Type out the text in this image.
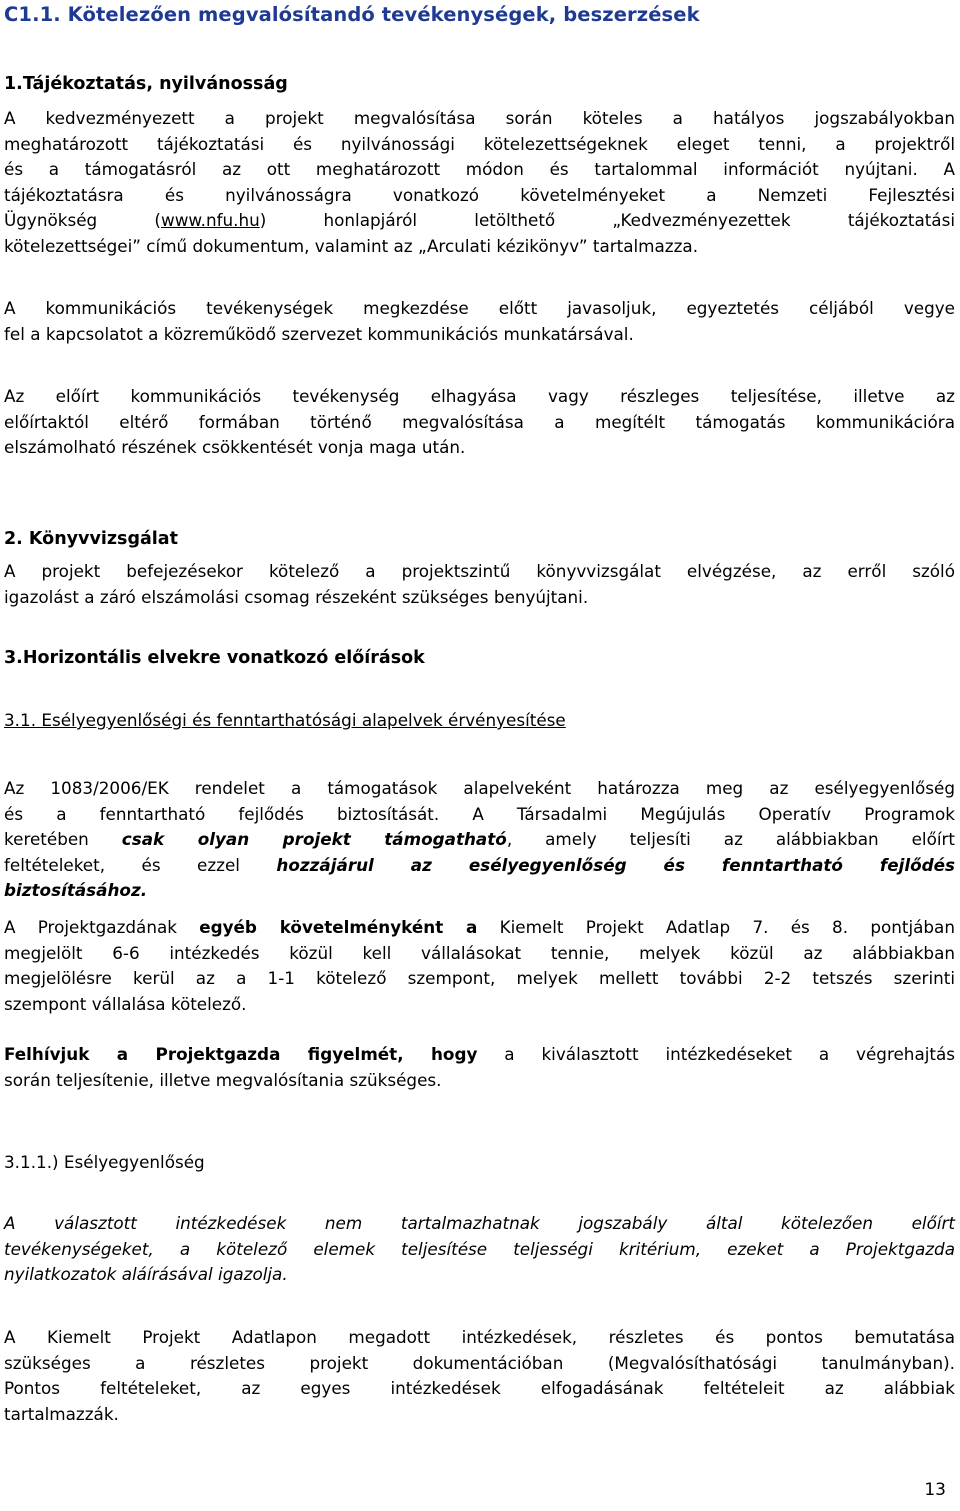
C1.1. Kötelezően megvalósítandó tevékenységek, beszerzések
1.Tájékoztatás, nyilvánosság
A kedvezményezett a projekt megvalósítása során köteles a hatályos jogszabályokban
meghatározott tájékoztatási és nyilvánossági kötelezettségeknek eleget tenni, a projektről
és a támogatásról az ott meghatározott módon és tartalommal információt nyújtani. A
tájékoztatásra és nyilvánosságra vonatkozó követelményeket a Nemzeti Fejlesztési
Ügynökség (www.nfu.hu) honlapjáról letölthető „Kedvezményezettek tájékoztatási
kötelezettségei” című dokumentum, valamint az „Arculati kézikönyv” tartalmazza.
A kommunikációs tevékenységek megkezdése előtt javasoljuk, egyeztetés céljából vegye
fel a kapcsolatot a közreműködő szervezet kommunikációs munkatársával.
Az előírt kommunikációs tevékenység elhagyása vagy részleges teljesítése, illetve az
előírtaktól eltérő formában történő megvalósítása a megítélt támogatás kommunikációra
elszámolható részének csökkentését vonja maga után.
2. Könyvvizsgálat
A projekt befejezésekor kötelező a projektszintű könyvvizsgálat elvégzése, az erről szóló
igazolást a záró elszámolási csomag részeként szükséges benyújtani.
3.Horizontális elvekre vonatkozó előírások
3.1. Esélyegyenlőségi és fenntarthatósági alapelvek érvényesítése
Az 1083/2006/EK rendelet a támogatások alapelveként határozza meg az esélyegyenlőség
és a fenntartható fejlődés biztosítását. A Társadalmi Megújulás Operatív Programok
keretében csak olyan projekt támogatható, amely teljesíti az alábbiakban előírt
feltételeket, és ezzel hozzájárul az esélyegyenlőség és fenntartható fejlődés
biztosításához.
A Projektgazdának egyéb követelményként a Kiemelt Projekt Adatlap 7. és 8. pontjában
megjelölt 6-6 intézkedés közül kell vállalásokat tennie, melyek közül az alábbiakban
megjelölésre kerül az a 1-1 kötelező szempont, melyek mellett további 2-2 tetszés szerinti
szempont vállalása kötelező.
Felhívjuk a Projektgazda figyelmét, hogy a kiválasztott intézkedéseket a végrehajtás
során teljesítenie, illetve megvalósítania szükséges.
3.1.1.) Esélyegyenlőség
A választott intézkedések nem tartalmazhatnak jogszabály által kötelezően előírt
tevékenységeket, a kötelező elemek teljesítése teljességi kritérium, ezeket a Projektgazda
nyilatkozatok aláírásával igazolja.
A Kiemelt Projekt Adatlapon megadott intézkedések, részletes és pontos bemutatása
szükséges a részletes projekt dokumentációban (Megvalósíthatósági tanulmányban).
Pontos feltételeket, az egyes intézkedések elfogadásának feltételeit az alábbiak
tartalmazzák.
13
